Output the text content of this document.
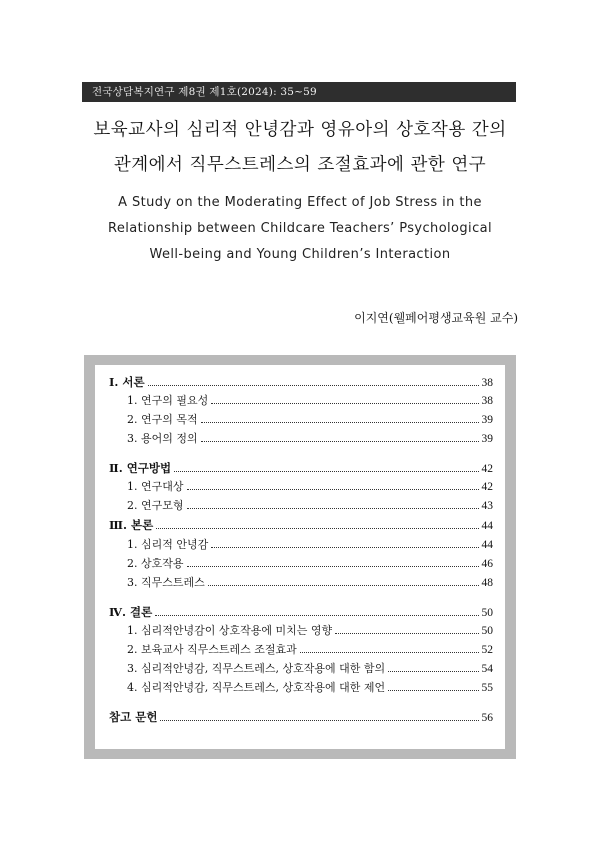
전국상담복지연구 제8권 제1호(2024): 35~59
보육교사의 심리적 안녕감과 영유아의 상호작용 간의
관계에서 직무스트레스의 조절효과에 관한 연구
A Study on the Moderating Effect of Job Stress in the
Relationship between Childcare Teachers’ Psychological
Well-being and Young Children’s Interaction
이지연(웰페어평생교육원 교수)
Ⅰ. 서론	38
1. 연구의 필요성	38
2. 연구의 목적	39
3. 용어의 정의	39
Ⅱ. 연구방법	42
1. 연구대상	42
2. 연구모형	43
Ⅲ. 본론	44
1. 심리적 안녕감	44
2. 상호작용	46
3. 직무스트레스	48
Ⅳ. 결론	50
1. 심리적안녕감이 상호작용에 미치는 영향	50
2. 보육교사 직무스트레스 조절효과	52
3. 심리적안녕감, 직무스트레스, 상호작용에 대한 함의	54
4. 심리적안녕감, 직무스트레스, 상호작용에 대한 제언	55
참고 문헌	56
